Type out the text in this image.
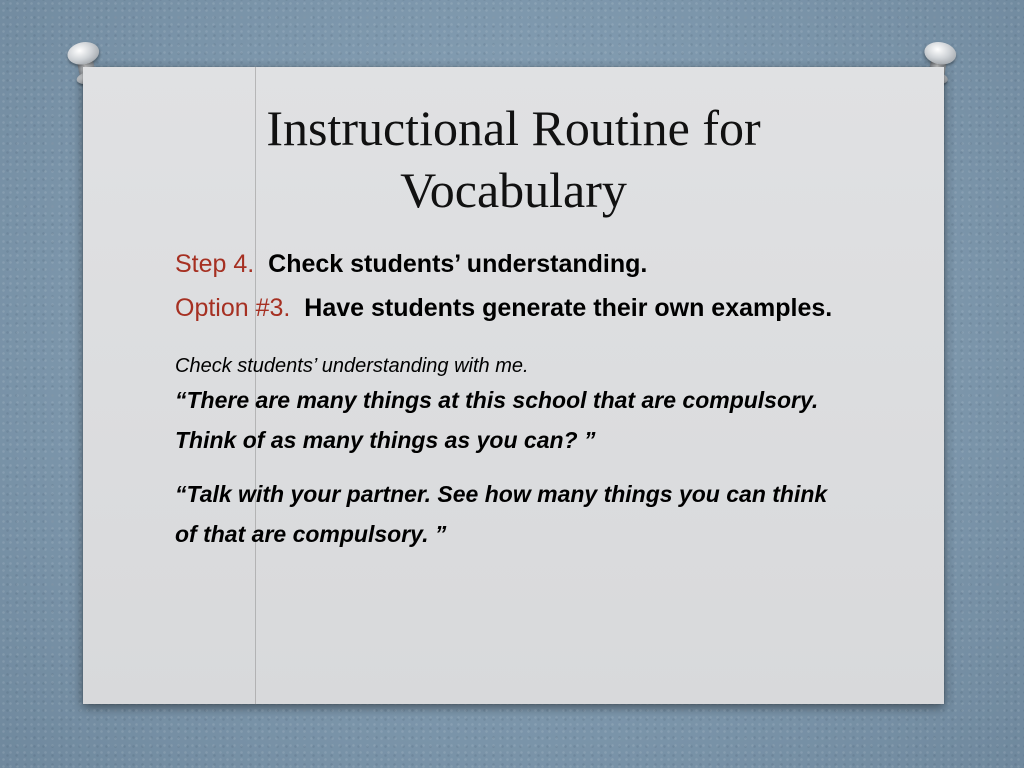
Instructional Routine for
Vocabulary

Step 4. Check students’ understanding.

Option #3. Have students generate their own examples.

Check students’ understanding with me.

“There are many things at this school that are compulsory. Think of as many things as you can? ”

“Talk with your partner. See how many things you can think of that are compulsory. ”
